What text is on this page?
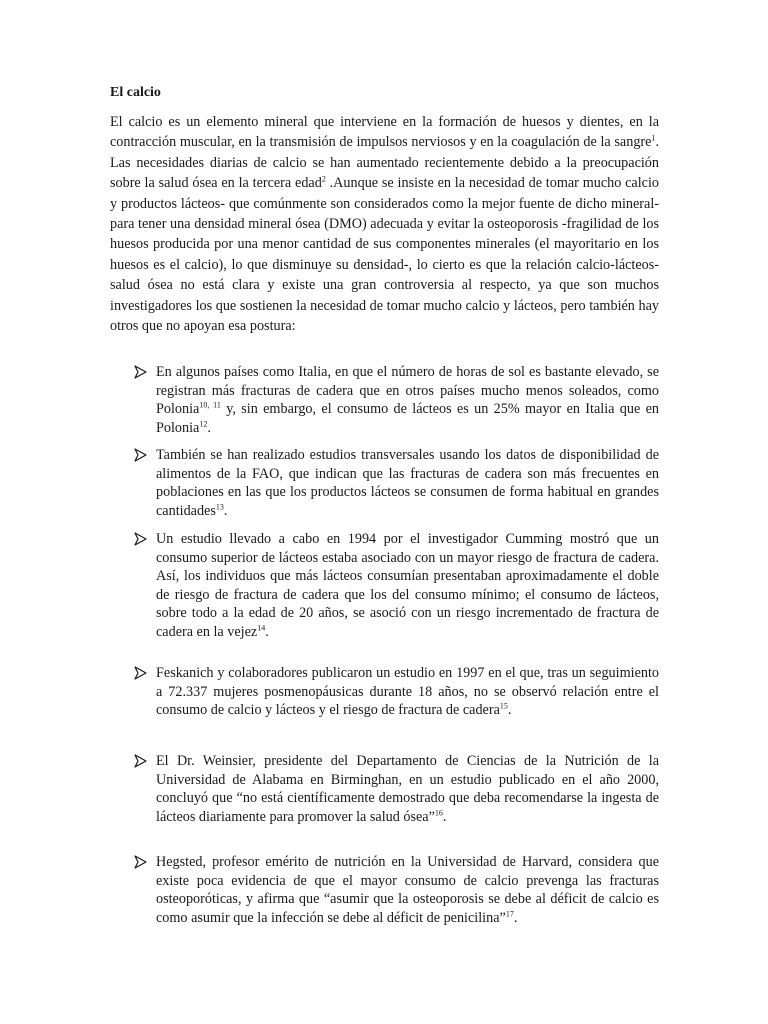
El calcio

El calcio es un elemento mineral que interviene en la formación de huesos y dientes, en la contracción muscular, en la transmisión de impulsos nerviosos y en la coagulación de la sangre$^1$. Las necesidades diarias de calcio se han aumentado recientemente debido a la preocupación sobre la salud ósea en la tercera edad$^2$ .Aunque se insiste en la necesidad de tomar mucho calcio y productos lácteos- que comúnmente son considerados como la mejor fuente de dicho mineral- para tener una densidad mineral ósea (DMO) adecuada y evitar la osteoporosis -fragilidad de los huesos producida por una menor cantidad de sus componentes minerales (el mayoritario en los huesos es el calcio), lo que disminuye su densidad-, lo cierto es que la relación calcio-lácteos- salud ósea no está clara y existe una gran controversia al respecto, ya que son muchos investigadores los que sostienen la necesidad de tomar mucho calcio y lácteos, pero también hay otros que no apoyan esa postura:

En algunos países como Italia, en que el número de horas de sol es bastante elevado, se registran más fracturas de cadera que en otros países mucho menos soleados, como Polonia$^{10, 11}$ y, sin embargo, el consumo de lácteos es un 25% mayor en Italia que en Polonia$^{12}$.
También se han realizado estudios transversales usando los datos de disponibilidad de alimentos de la FAO, que indican que las fracturas de cadera son más frecuentes en poblaciones en las que los productos lácteos se consumen de forma habitual en grandes cantidades$^{13}$.
Un estudio llevado a cabo en 1994 por el investigador Cumming mostró que un consumo superior de lácteos estaba asociado con un mayor riesgo de fractura de cadera. Así, los individuos que más lácteos consumían presentaban aproximadamente el doble de riesgo de fractura de cadera que los del consumo mínimo; el consumo de lácteos, sobre todo a la edad de 20 años, se asoció con un riesgo incrementado de fractura de cadera en la vejez$^{14}$.
Feskanich y colaboradores publicaron un estudio en 1997 en el que, tras un seguimiento a 72.337 mujeres posmenopáusicas durante 18 años, no se observó relación entre el consumo de calcio y lácteos y el riesgo de fractura de cadera$^{15}$.
El Dr. Weinsier, presidente del Departamento de Ciencias de la Nutrición de la Universidad de Alabama en Birminghan, en un estudio publicado en el año 2000, concluyó que “no está científicamente demostrado que deba recomendarse la ingesta de lácteos diariamente para promover la salud ósea”$^{16}$.
Hegsted, profesor emérito de nutrición en la Universidad de Harvard, considera que existe poca evidencia de que el mayor consumo de calcio prevenga las fracturas osteoporóticas, y afirma que “asumir que la osteoporosis se debe al déficit de calcio es como asumir que la infección se debe al déficit de penicilina”$^{17}$.
